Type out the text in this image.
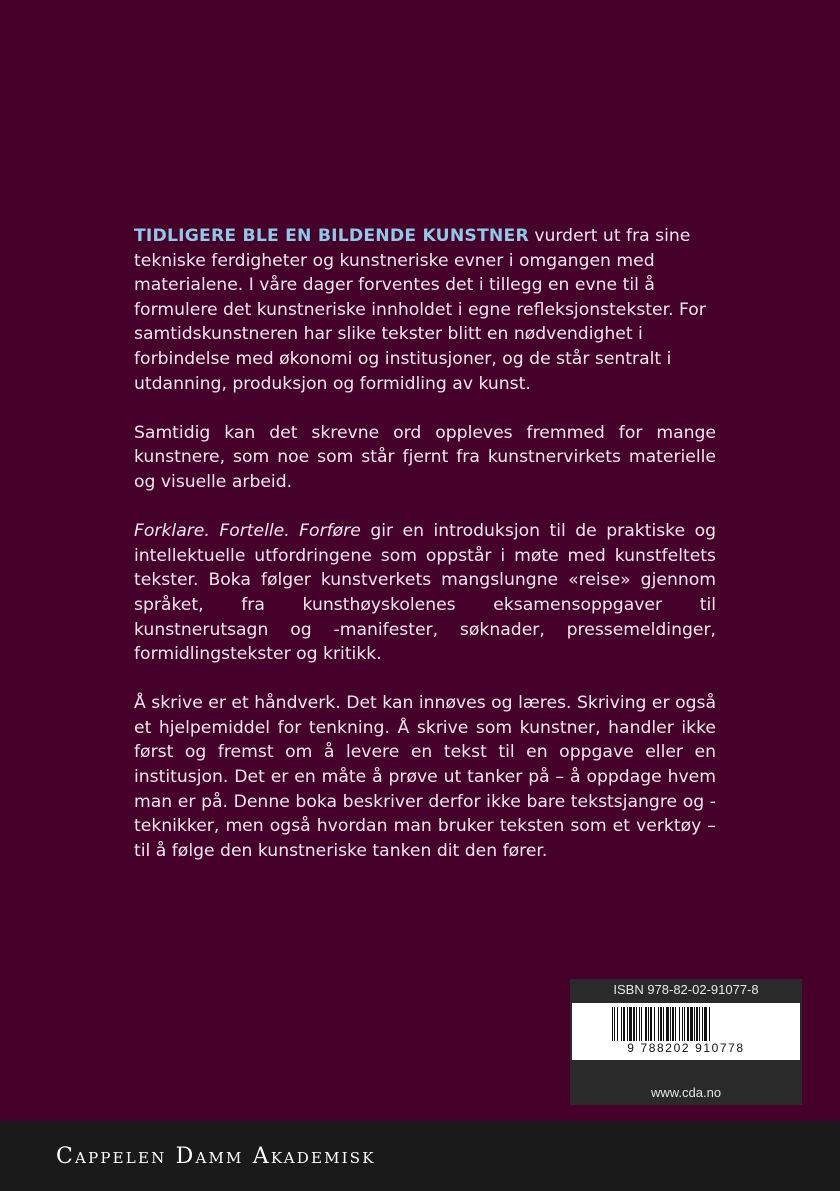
TIDLIGERE BLE EN BILDENDE KUNSTNER vurdert ut fra sine tekniske ferdigheter og kunstneriske evner i omgangen med materialene. I våre dager forventes det i tillegg en evne til å formulere det kunstneriske innholdet i egne refleksjonstekster. For samtidskunstneren har slike tekster blitt en nødvendighet i forbindelse med økonomi og institusjoner, og de står sentralt i utdanning, produksjon og formidling av kunst.

Samtidig kan det skrevne ord oppleves fremmed for mange kunstnere, som noe som står fjernt fra kunstnervirkets materielle og visuelle arbeid.

Forklare. Fortelle. Forføre gir en introduksjon til de praktiske og intellektuelle utfordringene som oppstår i møte med kunstfeltets tekster. Boka følger kunstverkets mangslungne «reise» gjennom språket, fra kunsthøyskolenes eksamensoppgaver til kunstnerutsagn og -manifester, søknader, pressemeldinger, formidlingstekster og kritikk.

Å skrive er et håndverk. Det kan innøves og læres. Skriving er også et hjelpemiddel for tenkning. Å skrive som kunstner, handler ikke først og fremst om å levere en tekst til en oppgave eller en institusjon. Det er en måte å prøve ut tanker på – å oppdage hvem man er på. Denne boka beskriver derfor ikke bare tekstsjangre og -teknikker, men også hvordan man bruker teksten som et verktøy – til å følge den kunstneriske tanken dit den fører.

ISBN 978-82-02-91077-8
9 788202 910778
www.cda.no
Cappelen Damm Akademisk
